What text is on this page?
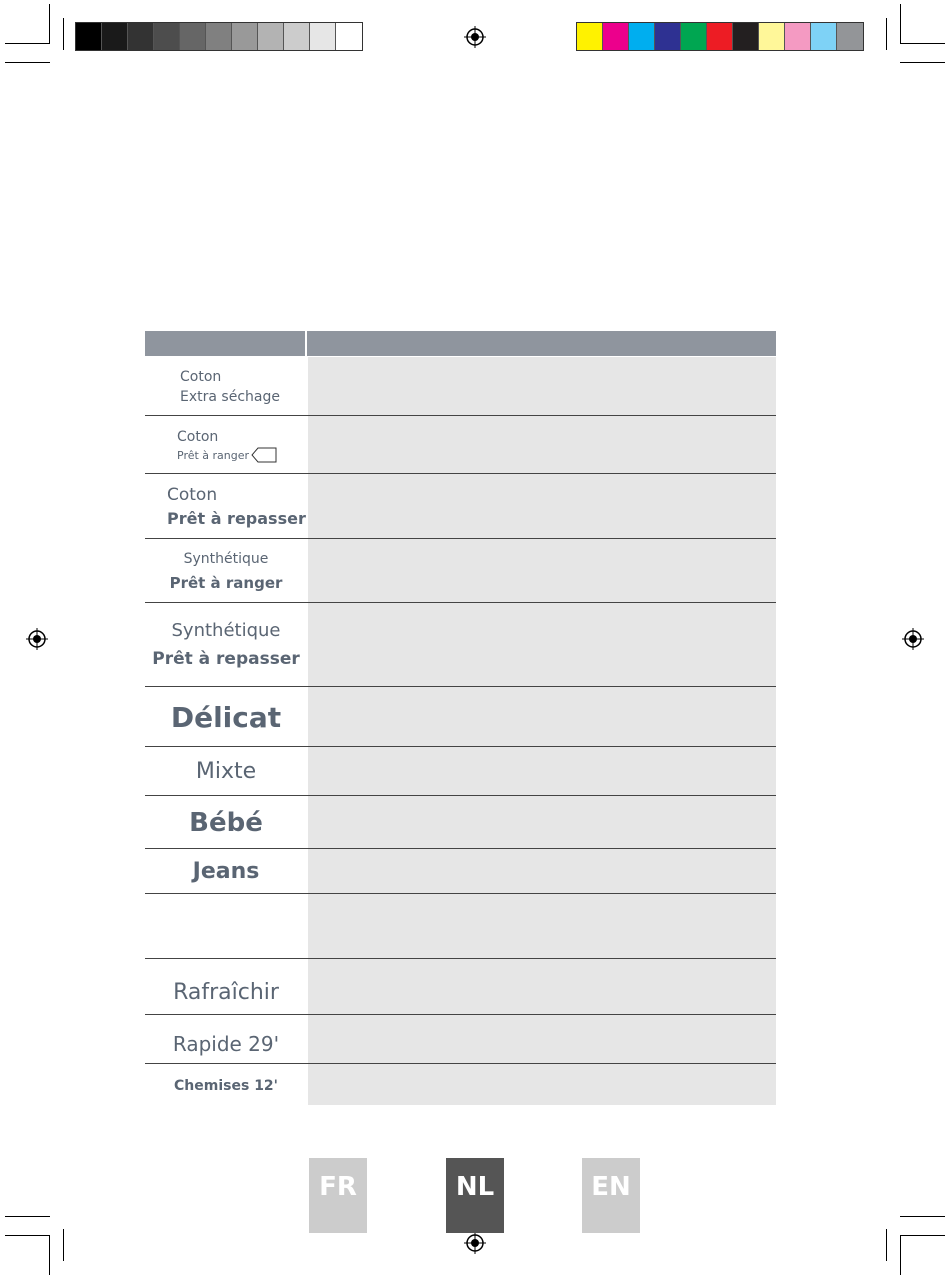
Coton
Extra séchage
Coton
Prêt à ranger
Coton
Prêt à repasser
Synthétique
Prêt à ranger
Synthétique
Prêt à repasser
Délicat
Mixte
Bébé
Jeans
Rafraîchir
Rapide 29'
Chemises 12'
FR	NL	EN
